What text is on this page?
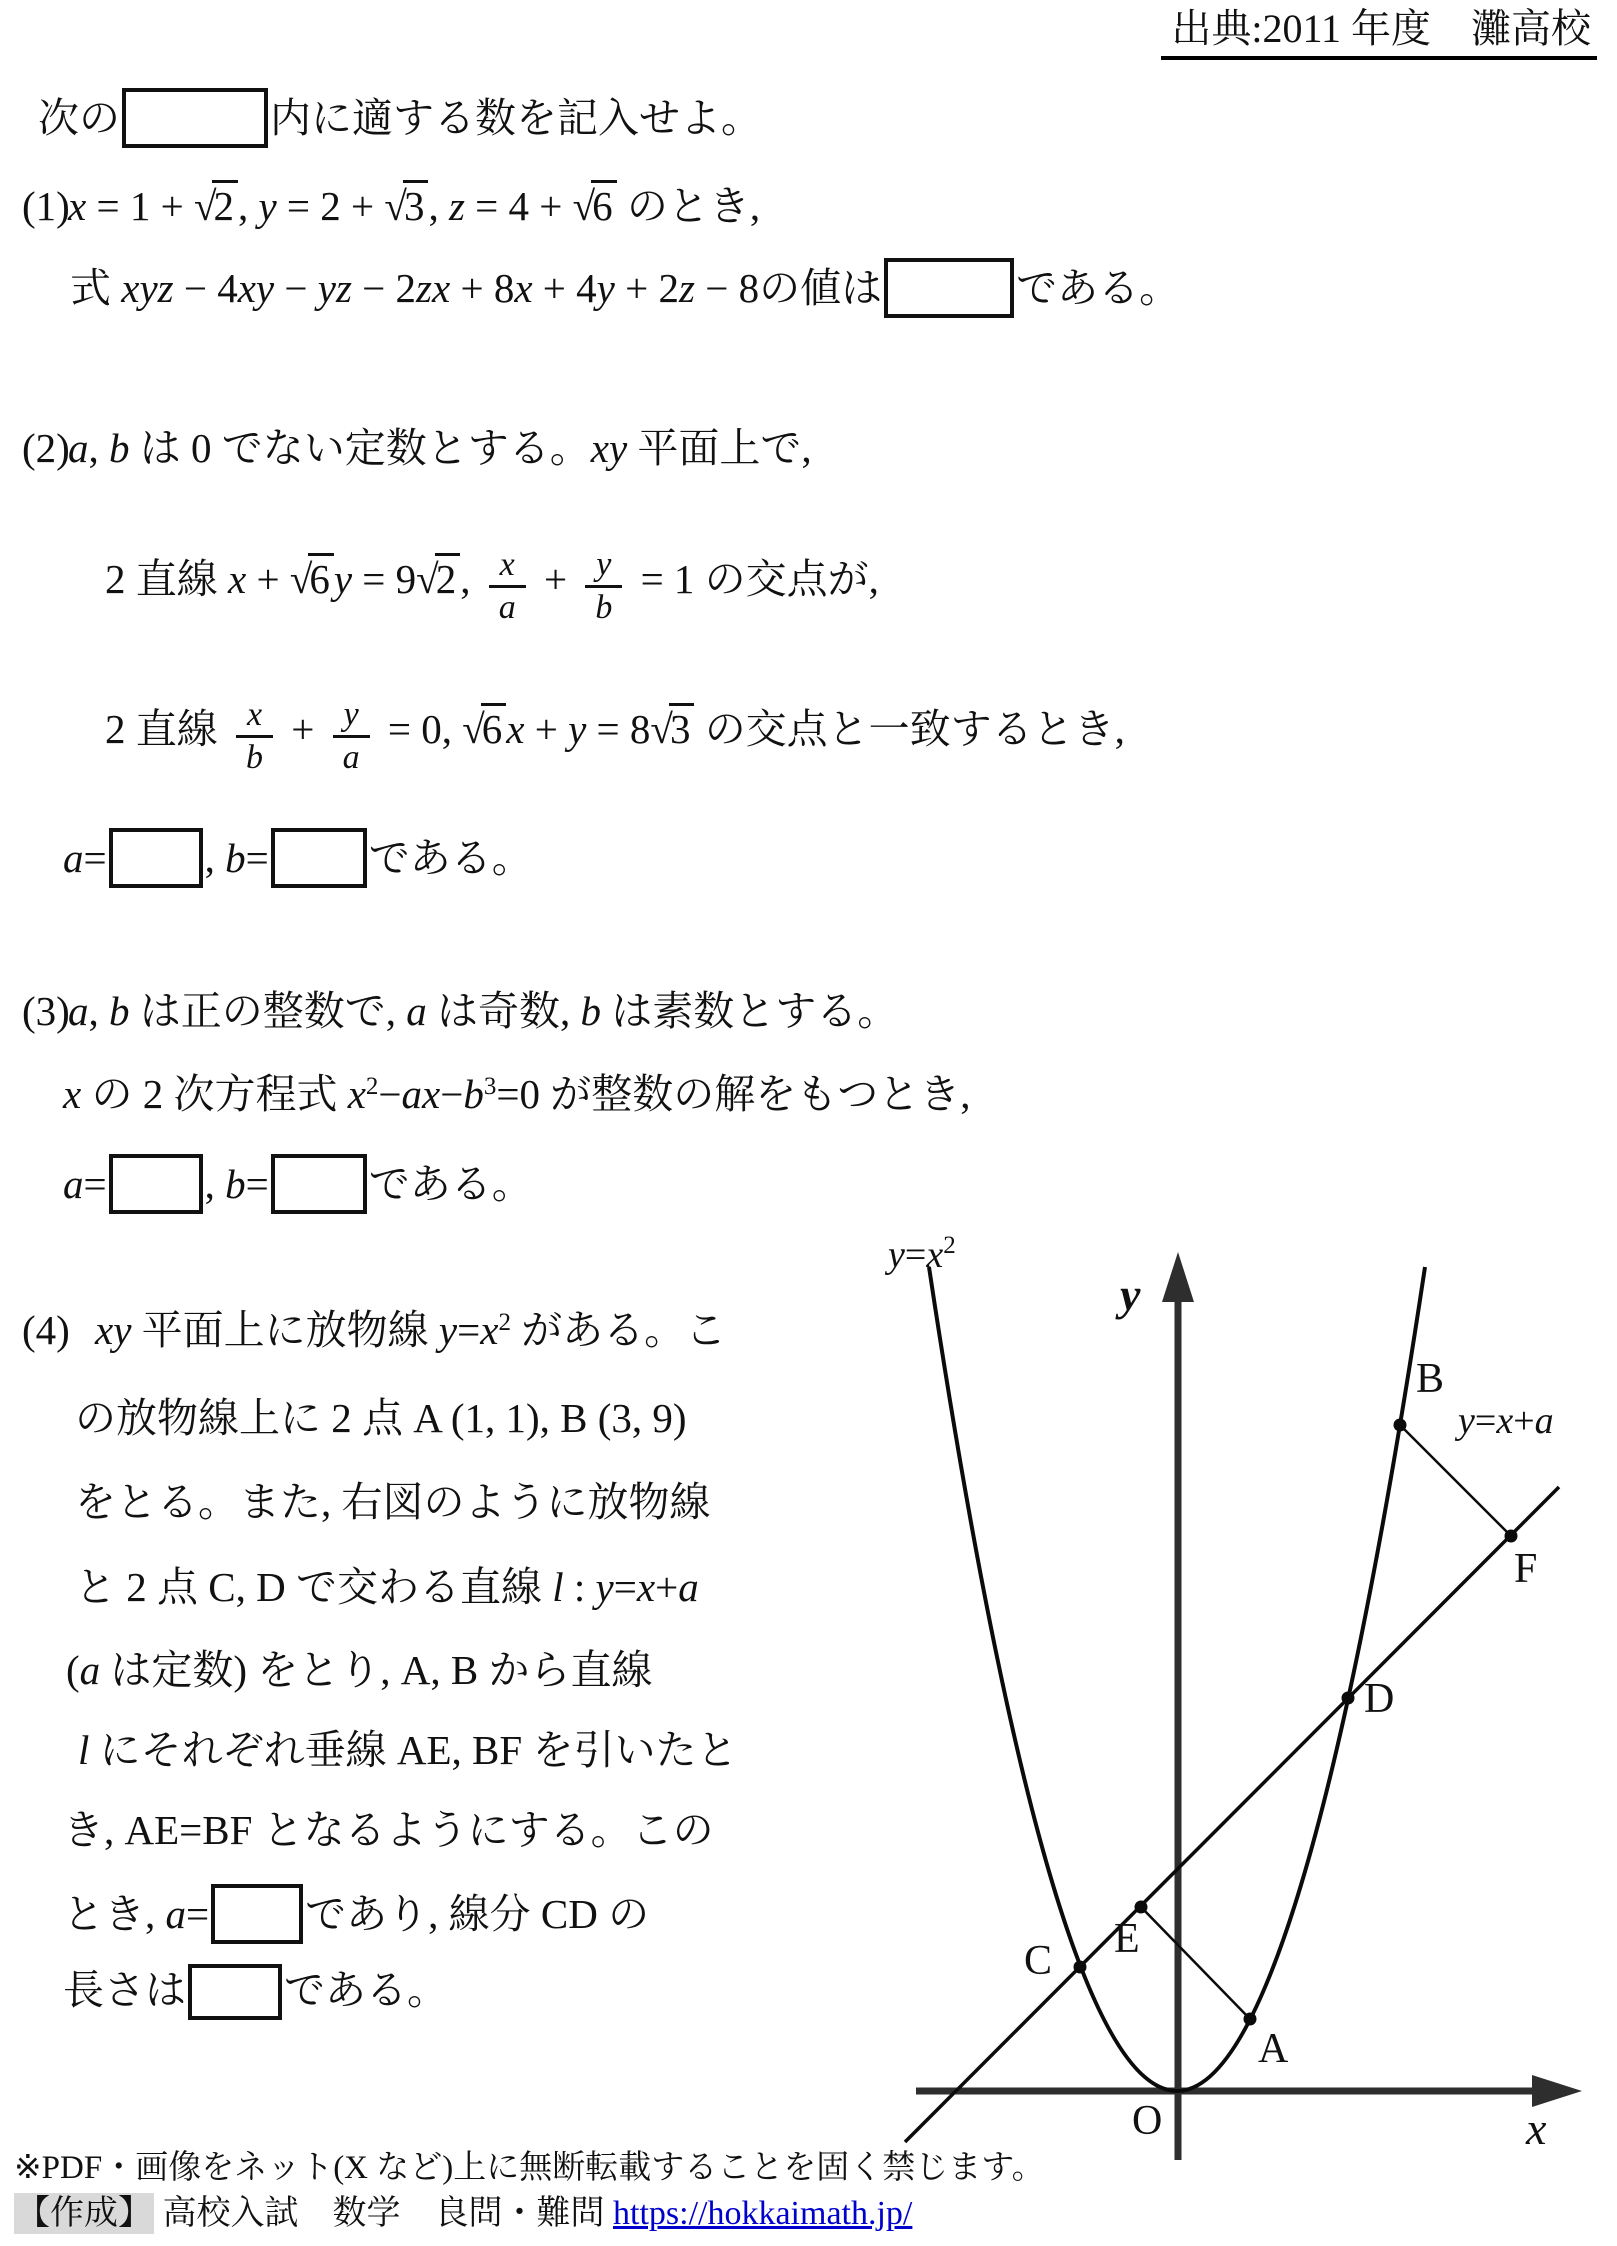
出典:2011 年度　灘高校
次の	内に適する数を記入せよ。
(1)
x = 1 + √2, y = 2 + √3, z = 4 + √6 のとき,
式 xyz − 4xy − yz − 2zx + 8x + 4y + 2z − 8の値は	である。
(2)
a, b は 0 でない定数とする。xy 平面上で,
2 直線 x + √6y = 9√2, $\frac{x}{a} + \frac{y}{b} = 1$ の交点が,
2 直線 $\frac{x}{b} + \frac{y}{a} = 0$, √6x + y = 8√3 の交点と一致するとき,
a= , b= である。
(3)
a, b は正の整数で, a は奇数, b は素数とする。
x の 2 次方程式 $x^2-ax-b^3=0$ が整数の解をもつとき,
a= , b= である。
(4) xy 平面上に放物線 $y=x^2$ がある。こ
の放物線上に 2 点 A (1, 1), B (3, 9)
をとる。また, 右図のように放物線
と 2 点 C, D で交わる直線 l : y=x+a
(a は定数) をとり, A, B から直線
l にそれぞれ垂線 AE, BF を引いたと
き, AE=BF となるようにする。この
とき, a= であり, 線分 CD の
長さは である。
$y=x^2$
y=x+a
y
x
O
A
B
C
D
E
F
※PDF・画像をネット(X など)上に無断転載することを固く禁じます。
【作成】 高校入試　数学　良問・難問 https://hokkaimath.jp/
